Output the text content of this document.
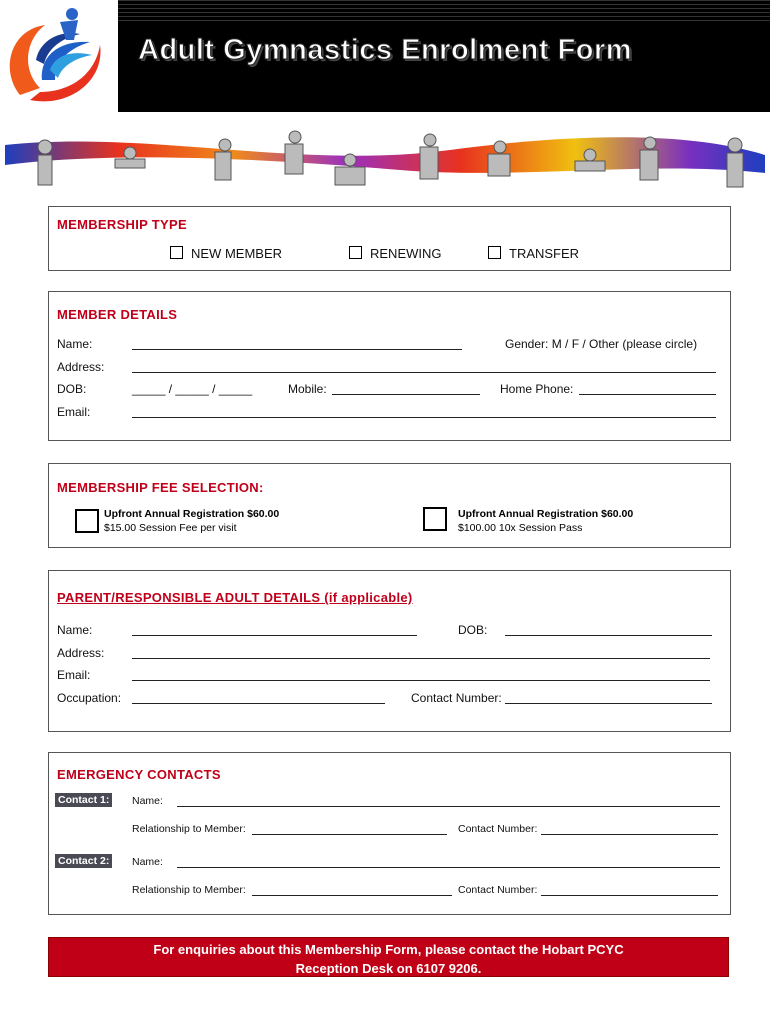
Adult Gymnastics Enrolment Form
MEMBERSHIP TYPE
NEW MEMBER	RENEWING	TRANSFER
MEMBER DETAILS
Name:	Gender: M / F / Other (please circle)
Address:
DOB:	_____ / _____ / _____	Mobile:	Home Phone:
Email:
MEMBERSHIP FEE SELECTION:
Upfront Annual Registration $60.00
$15.00 Session Fee per visit
Upfront Annual Registration $60.00
$100.00 10x Session Pass
PARENT/RESPONSIBLE ADULT DETAILS (if applicable)
Name:	DOB:
Address:
Email:
Occupation:	Contact Number:
EMERGENCY CONTACTS
Contact 1: Name:
Relationship to Member:	Contact Number:
Contact 2: Name:
Relationship to Member:	Contact Number:
For enquiries about this Membership Form, please contact the Hobart PCYC
Reception Desk on 6107 9206.
